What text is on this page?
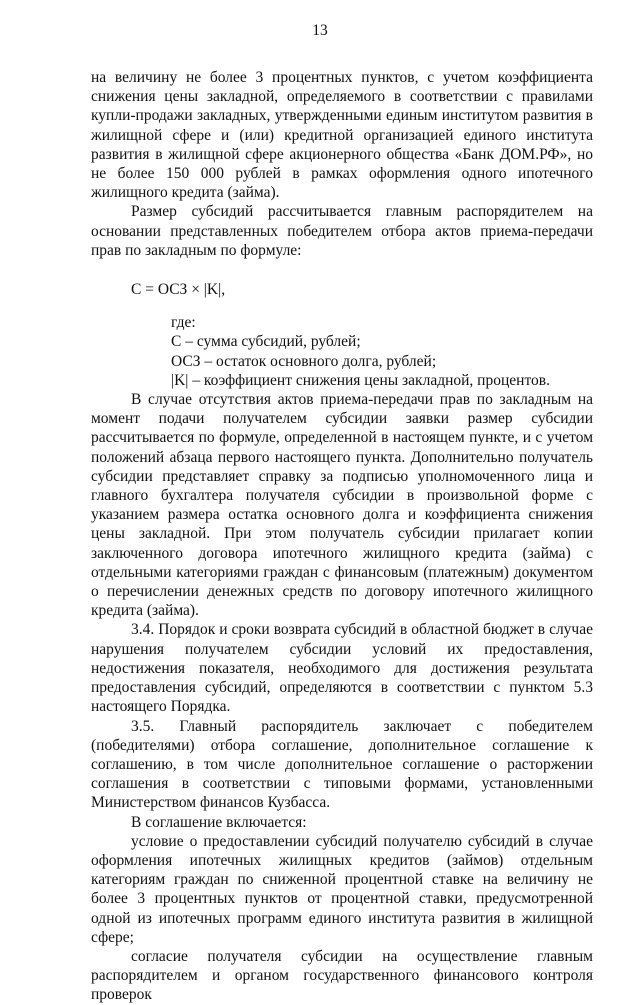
13

на величину не более 3 процентных пунктов, с учетом коэффициента снижения цены закладной, определяемого в соответствии с правилами купли-продажи закладных, утвержденными единым институтом развития в жилищной сфере и (или) кредитной организацией единого института развития в жилищной сфере акционерного общества «Банк ДОМ.РФ», но не более 150 000 рублей в рамках оформления одного ипотечного жилищного кредита (займа).

Размер субсидий рассчитывается главным распорядителем на основании представленных победителем отбора актов приема-передачи прав по закладным по формуле:

С = ОСЗ × |K|,

где:

С – сумма субсидий, рублей;

ОСЗ – остаток основного долга, рублей;

|K| – коэффициент снижения цены закладной, процентов.

В случае отсутствия актов приема-передачи прав по закладным на момент подачи получателем субсидии заявки размер субсидии рассчитывается по формуле, определенной в настоящем пункте, и с учетом положений абзаца первого настоящего пункта. Дополнительно получатель субсидии представляет справку за подписью уполномоченного лица и главного бухгалтера получателя субсидии в произвольной форме с указанием размера остатка основного долга и коэффициента снижения цены закладной. При этом получатель субсидии прилагает копии заключенного договора ипотечного жилищного кредита (займа) с отдельными категориями граждан с финансовым (платежным) документом о перечислении денежных средств по договору ипотечного жилищного кредита (займа).

3.4. Порядок и сроки возврата субсидий в областной бюджет в случае нарушения получателем субсидии условий их предоставления, недостижения показателя, необходимого для достижения результата предоставления субсидий, определяются в соответствии с пунктом 5.3 настоящего Порядка.

3.5. Главный распорядитель заключает с победителем (победителями) отбора соглашение, дополнительное соглашение к соглашению, в том числе дополнительное соглашение о расторжении соглашения в соответствии с типовыми формами, установленными Министерством финансов Кузбасса.

В соглашение включается:

условие о предоставлении субсидий получателю субсидий в случае оформления ипотечных жилищных кредитов (займов) отдельным категориям граждан по сниженной процентной ставке на величину не более 3 процентных пунктов от процентной ставки, предусмотренной одной из ипотечных программ единого института развития в жилищной сфере;

согласие получателя субсидии на осуществление главным распорядителем и органом государственного финансового контроля проверок
